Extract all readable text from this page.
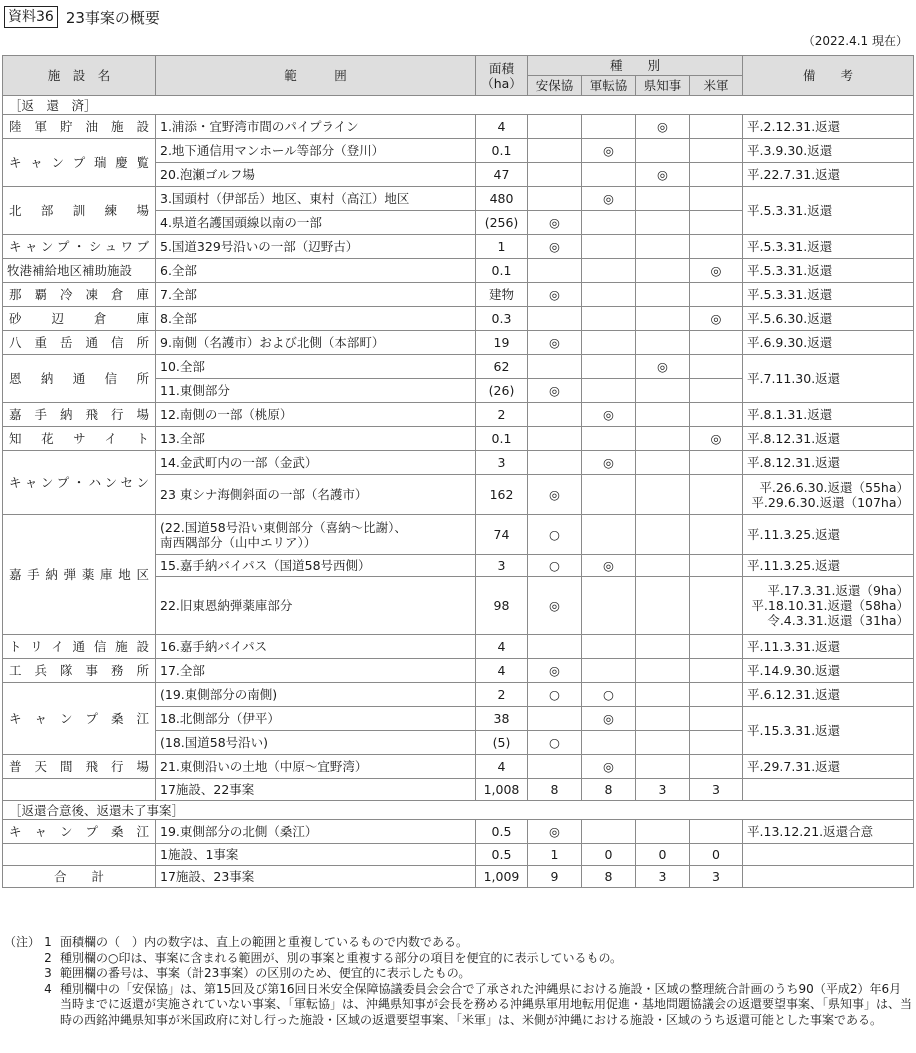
資料36 23事案の概要
（2022.4.1 現在）
施　設　名	範　　　囲	面積
（ha）	種　　別				備　　考
			安保協	軍転協	県知事	米軍	
［返　還　済］							
陸軍貯油施設	1.浦添・宜野湾市間のパイプライン	4			◎		平.2.12.31.返還
キャンプ瑞慶覧	2.地下通信用マンホール等部分（登川）	0.1		◎			平.3.9.30.返還
	20.泡瀬ゴルフ場	47			◎		平.22.7.31.返還
北部訓練場	3.国頭村（伊部岳）地区、東村（高江）地区	480		◎			平.5.3.31.返還
	4.県道名護国頭線以南の一部	(256)	◎				
キャンプ・シュワブ	5.国道329号沿いの一部（辺野古）	1	◎				平.5.3.31.返還
牧港補給地区補助施設	6.全部	0.1				◎	平.5.3.31.返還
那覇冷凍倉庫	7.全部	建物	◎				平.5.3.31.返還
砂辺倉庫	8.全部	0.3				◎	平.5.6.30.返還
八重岳通信所	9.南側（名護市）および北側（本部町）	19	◎				平.6.9.30.返還
恩納通信所	10.全部	62			◎		平.7.11.30.返還
	11.東側部分	(26)	◎				
嘉手納飛行場	12.南側の一部（桃原）	2		◎			平.8.1.31.返還
知花サイト	13.全部	0.1				◎	平.8.12.31.返還
キャンプ・ハンセン	14.金武町内の一部（金武）	3		◎			平.8.12.31.返還
	23 東シナ海側斜面の一部（名護市）	162	◎				平.26.6.30.返還（55ha）
平.29.6.30.返還（107ha）
嘉手納弾薬庫地区	(22.国道58号沿い東側部分（喜納～比謝）、
南西隅部分（山中エリア））	74	○				平.11.3.25.返還
	15.嘉手納バイパス（国道58号西側）	3	○	◎			平.11.3.25.返還
	22.旧東恩納弾薬庫部分	98	◎				平.17.3.31.返還（9ha）
平.18.10.31.返還（58ha）
令.4.3.31.返還（31ha）
トリイ通信施設	16.嘉手納バイパス	4					平.11.3.31.返還
工兵隊事務所	17.全部	4	◎				平.14.9.30.返還
キャンプ桑江	(19.東側部分の南側)	2	○	○			平.6.12.31.返還
	18.北側部分（伊平）	38		◎			平.15.3.31.返還
	(18.国道58号沿い)	(5)	○				
普天間飛行場	21.東側沿いの土地（中原～宜野湾）	4		◎			平.29.7.31.返還
	17施設、22事案	1,008	8	8	3	3	
［返還合意後、返還未了事案］							
キャンプ桑江	19.東側部分の北側（桑江）	0.5	◎				平.13.12.21.返還合意
	1施設、1事案	0.5	1	0	0	0	
合　　計	17施設、23事案	1,009	9	8	3	3	
（注） 1 面積欄の（　）内の数字は、直上の範囲と重複しているもので内数である。
2 種別欄の○印は、事案に含まれる範囲が、別の事案と重複する部分の項目を便宜的に表示しているもの。
3 範囲欄の番号は、事案（計23事案）の区別のため、便宜的に表示したもの。
4 種別欄中の「安保協」は、第15回及び第16回日米安全保障協議委員会会合で了承された沖縄県における施設・区域の整理統合計画のうち90（平成2）年6月当時までに返還が実施されていない事案、「軍転協」は、沖縄県知事が会長を務める沖縄県軍用地転用促進・基地問題協議会の返還要望事案、「県知事」は、当時の西銘沖縄県知事が米国政府に対し行った施設・区域の返還要望事案、「米軍」は、米側が沖縄における施設・区域のうち返還可能とした事案である。
